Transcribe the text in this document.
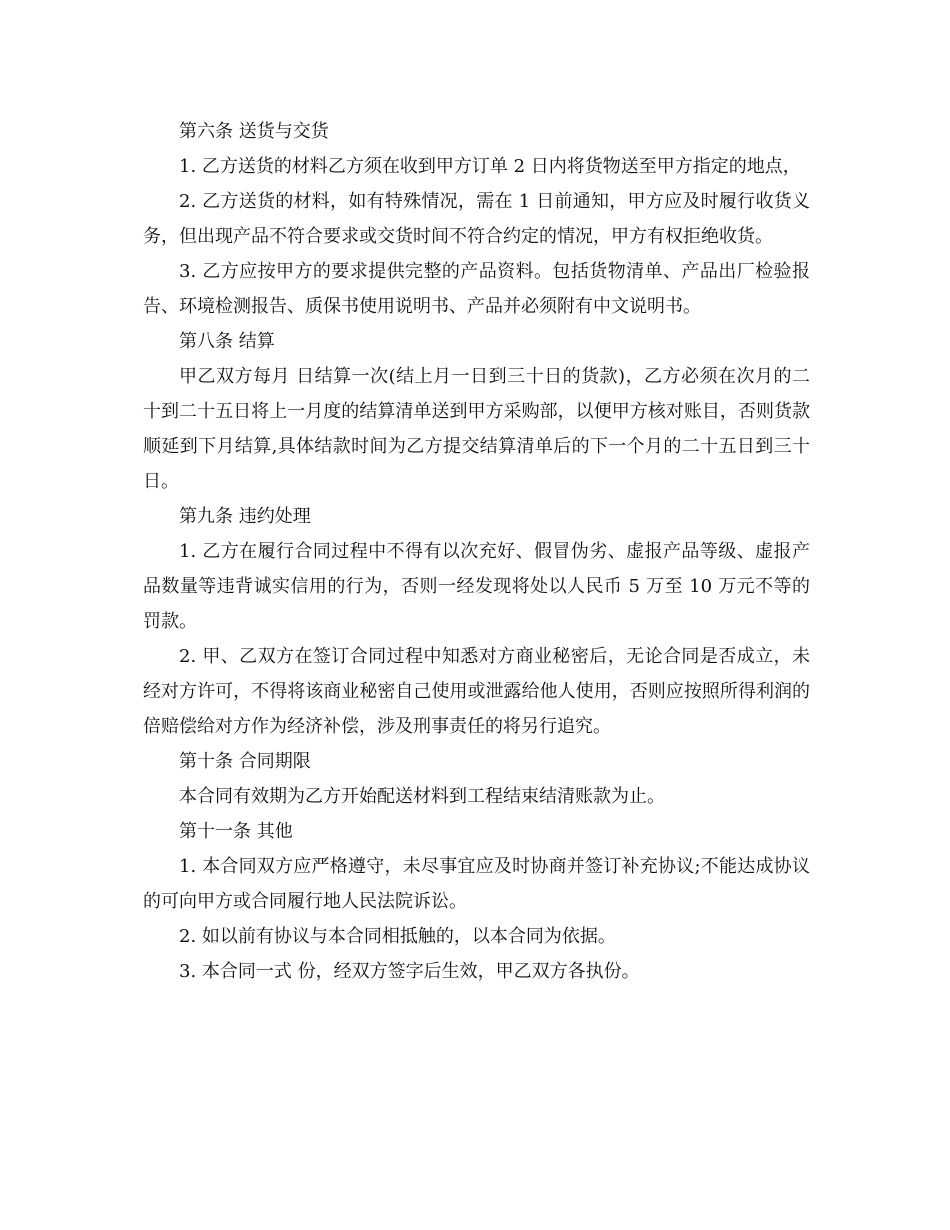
第六条 送货与交货

1. 乙方送货的材料乙方须在收到甲方订单 2 日内将货物送至甲方指定的地点，

2. 乙方送货的材料，如有特殊情况，需在 1 日前通知，甲方应及时履行收货义务，但出现产品不符合要求或交货时间不符合约定的情况，甲方有权拒绝收货。

3. 乙方应按甲方的要求提供完整的产品资料。包括货物清单、产品出厂检验报告、环境检测报告、质保书使用说明书、产品并必须附有中文说明书。

第八条 结算

甲乙双方每月 日结算一次(结上月一日到三十日的货款)，乙方必须在次月的二十到二十五日将上一月度的结算清单送到甲方采购部，以便甲方核对账目，否则货款顺延到下月结算,具体结款时间为乙方提交结算清单后的下一个月的二十五日到三十日。

第九条 违约处理

1. 乙方在履行合同过程中不得有以次充好、假冒伪劣、虚报产品等级、虚报产品数量等违背诚实信用的行为，否则一经发现将处以人民币 5 万至 10 万元不等的罚款。

2. 甲、乙双方在签订合同过程中知悉对方商业秘密后，无论合同是否成立，未经对方许可，不得将该商业秘密自己使用或泄露给他人使用，否则应按照所得利润的 倍赔偿给对方作为经济补偿，涉及刑事责任的将另行追究。

第十条 合同期限

本合同有效期为乙方开始配送材料到工程结束结清账款为止。

第十一条 其他

1. 本合同双方应严格遵守，未尽事宜应及时协商并签订补充协议;不能达成协议的可向甲方或合同履行地人民法院诉讼。

2. 如以前有协议与本合同相抵触的，以本合同为依据。

3. 本合同一式 份，经双方签字后生效，甲乙双方各执份。
